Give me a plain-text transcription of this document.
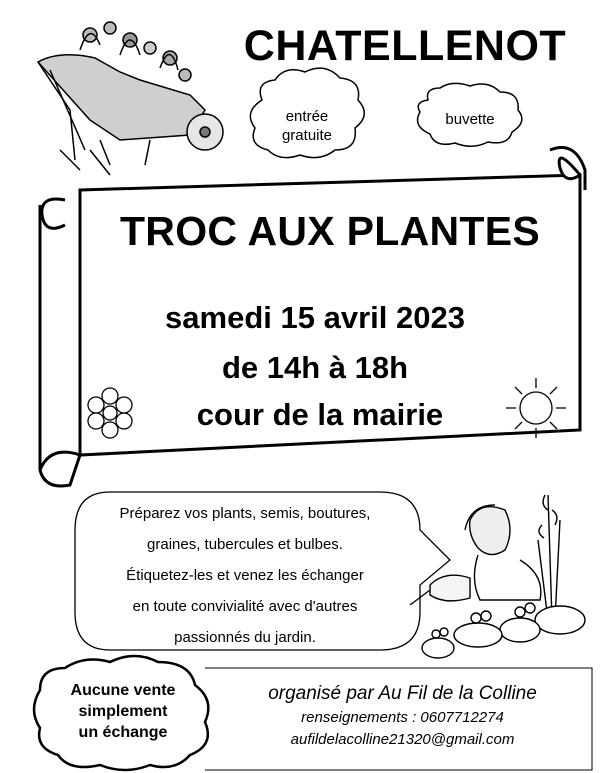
CHATELLENOT
entrée
gratuite
buvette
TROC AUX PLANTES
samedi 15 avril 2023
de 14h à 18h
cour de la mairie
Préparez vos plants, semis, boutures,
graines, tubercules et bulbes.
Étiquetez-les et venez les échanger
en toute convivialité avec d'autres
passionnés du jardin.
Aucune vente
simplement
un échange
organisé par Au Fil de la Colline
renseignements : 0607712274
aufildelacolline21320@gmail.com
